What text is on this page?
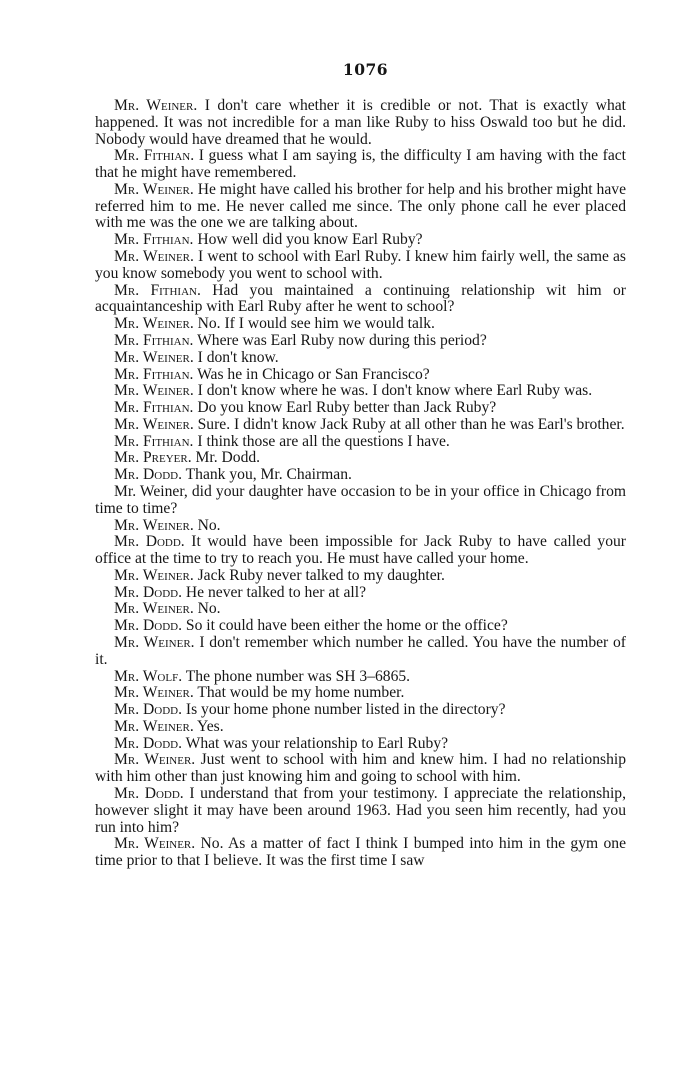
1076

Mr. Weiner. I don't care whether it is credible or not. That is exactly what happened. It was not incredible for a man like Ruby to hiss Oswald too but he did. Nobody would have dreamed that he would.

Mr. Fithian. I guess what I am saying is, the difficulty I am having with the fact that he might have remembered.

Mr. Weiner. He might have called his brother for help and his brother might have referred him to me. He never called me since. The only phone call he ever placed with me was the one we are talking about.

Mr. Fithian. How well did you know Earl Ruby?

Mr. Weiner. I went to school with Earl Ruby. I knew him fairly well, the same as you know somebody you went to school with.

Mr. Fithian. Had you maintained a continuing relationship wit him or acquaintanceship with Earl Ruby after he went to school?

Mr. Weiner. No. If I would see him we would talk.

Mr. Fithian. Where was Earl Ruby now during this period?

Mr. Weiner. I don't know.

Mr. Fithian. Was he in Chicago or San Francisco?

Mr. Weiner. I don't know where he was. I don't know where Earl Ruby was.

Mr. Fithian. Do you know Earl Ruby better than Jack Ruby?

Mr. Weiner. Sure. I didn't know Jack Ruby at all other than he was Earl's brother.

Mr. Fithian. I think those are all the questions I have.

Mr. Preyer. Mr. Dodd.

Mr. Dodd. Thank you, Mr. Chairman.

Mr. Weiner, did your daughter have occasion to be in your office in Chicago from time to time?

Mr. Weiner. No.

Mr. Dodd. It would have been impossible for Jack Ruby to have called your office at the time to try to reach you. He must have called your home.

Mr. Weiner. Jack Ruby never talked to my daughter.

Mr. Dodd. He never talked to her at all?

Mr. Weiner. No.

Mr. Dodd. So it could have been either the home or the office?

Mr. Weiner. I don't remember which number he called. You have the number of it.

Mr. Wolf. The phone number was SH 3–6865.

Mr. Weiner. That would be my home number.

Mr. Dodd. Is your home phone number listed in the directory?

Mr. Weiner. Yes.

Mr. Dodd. What was your relationship to Earl Ruby?

Mr. Weiner. Just went to school with him and knew him. I had no relationship with him other than just knowing him and going to school with him.

Mr. Dodd. I understand that from your testimony. I appreciate the relationship, however slight it may have been around 1963. Had you seen him recently, had you run into him?

Mr. Weiner. No. As a matter of fact I think I bumped into him in the gym one time prior to that I believe. It was the first time I saw
